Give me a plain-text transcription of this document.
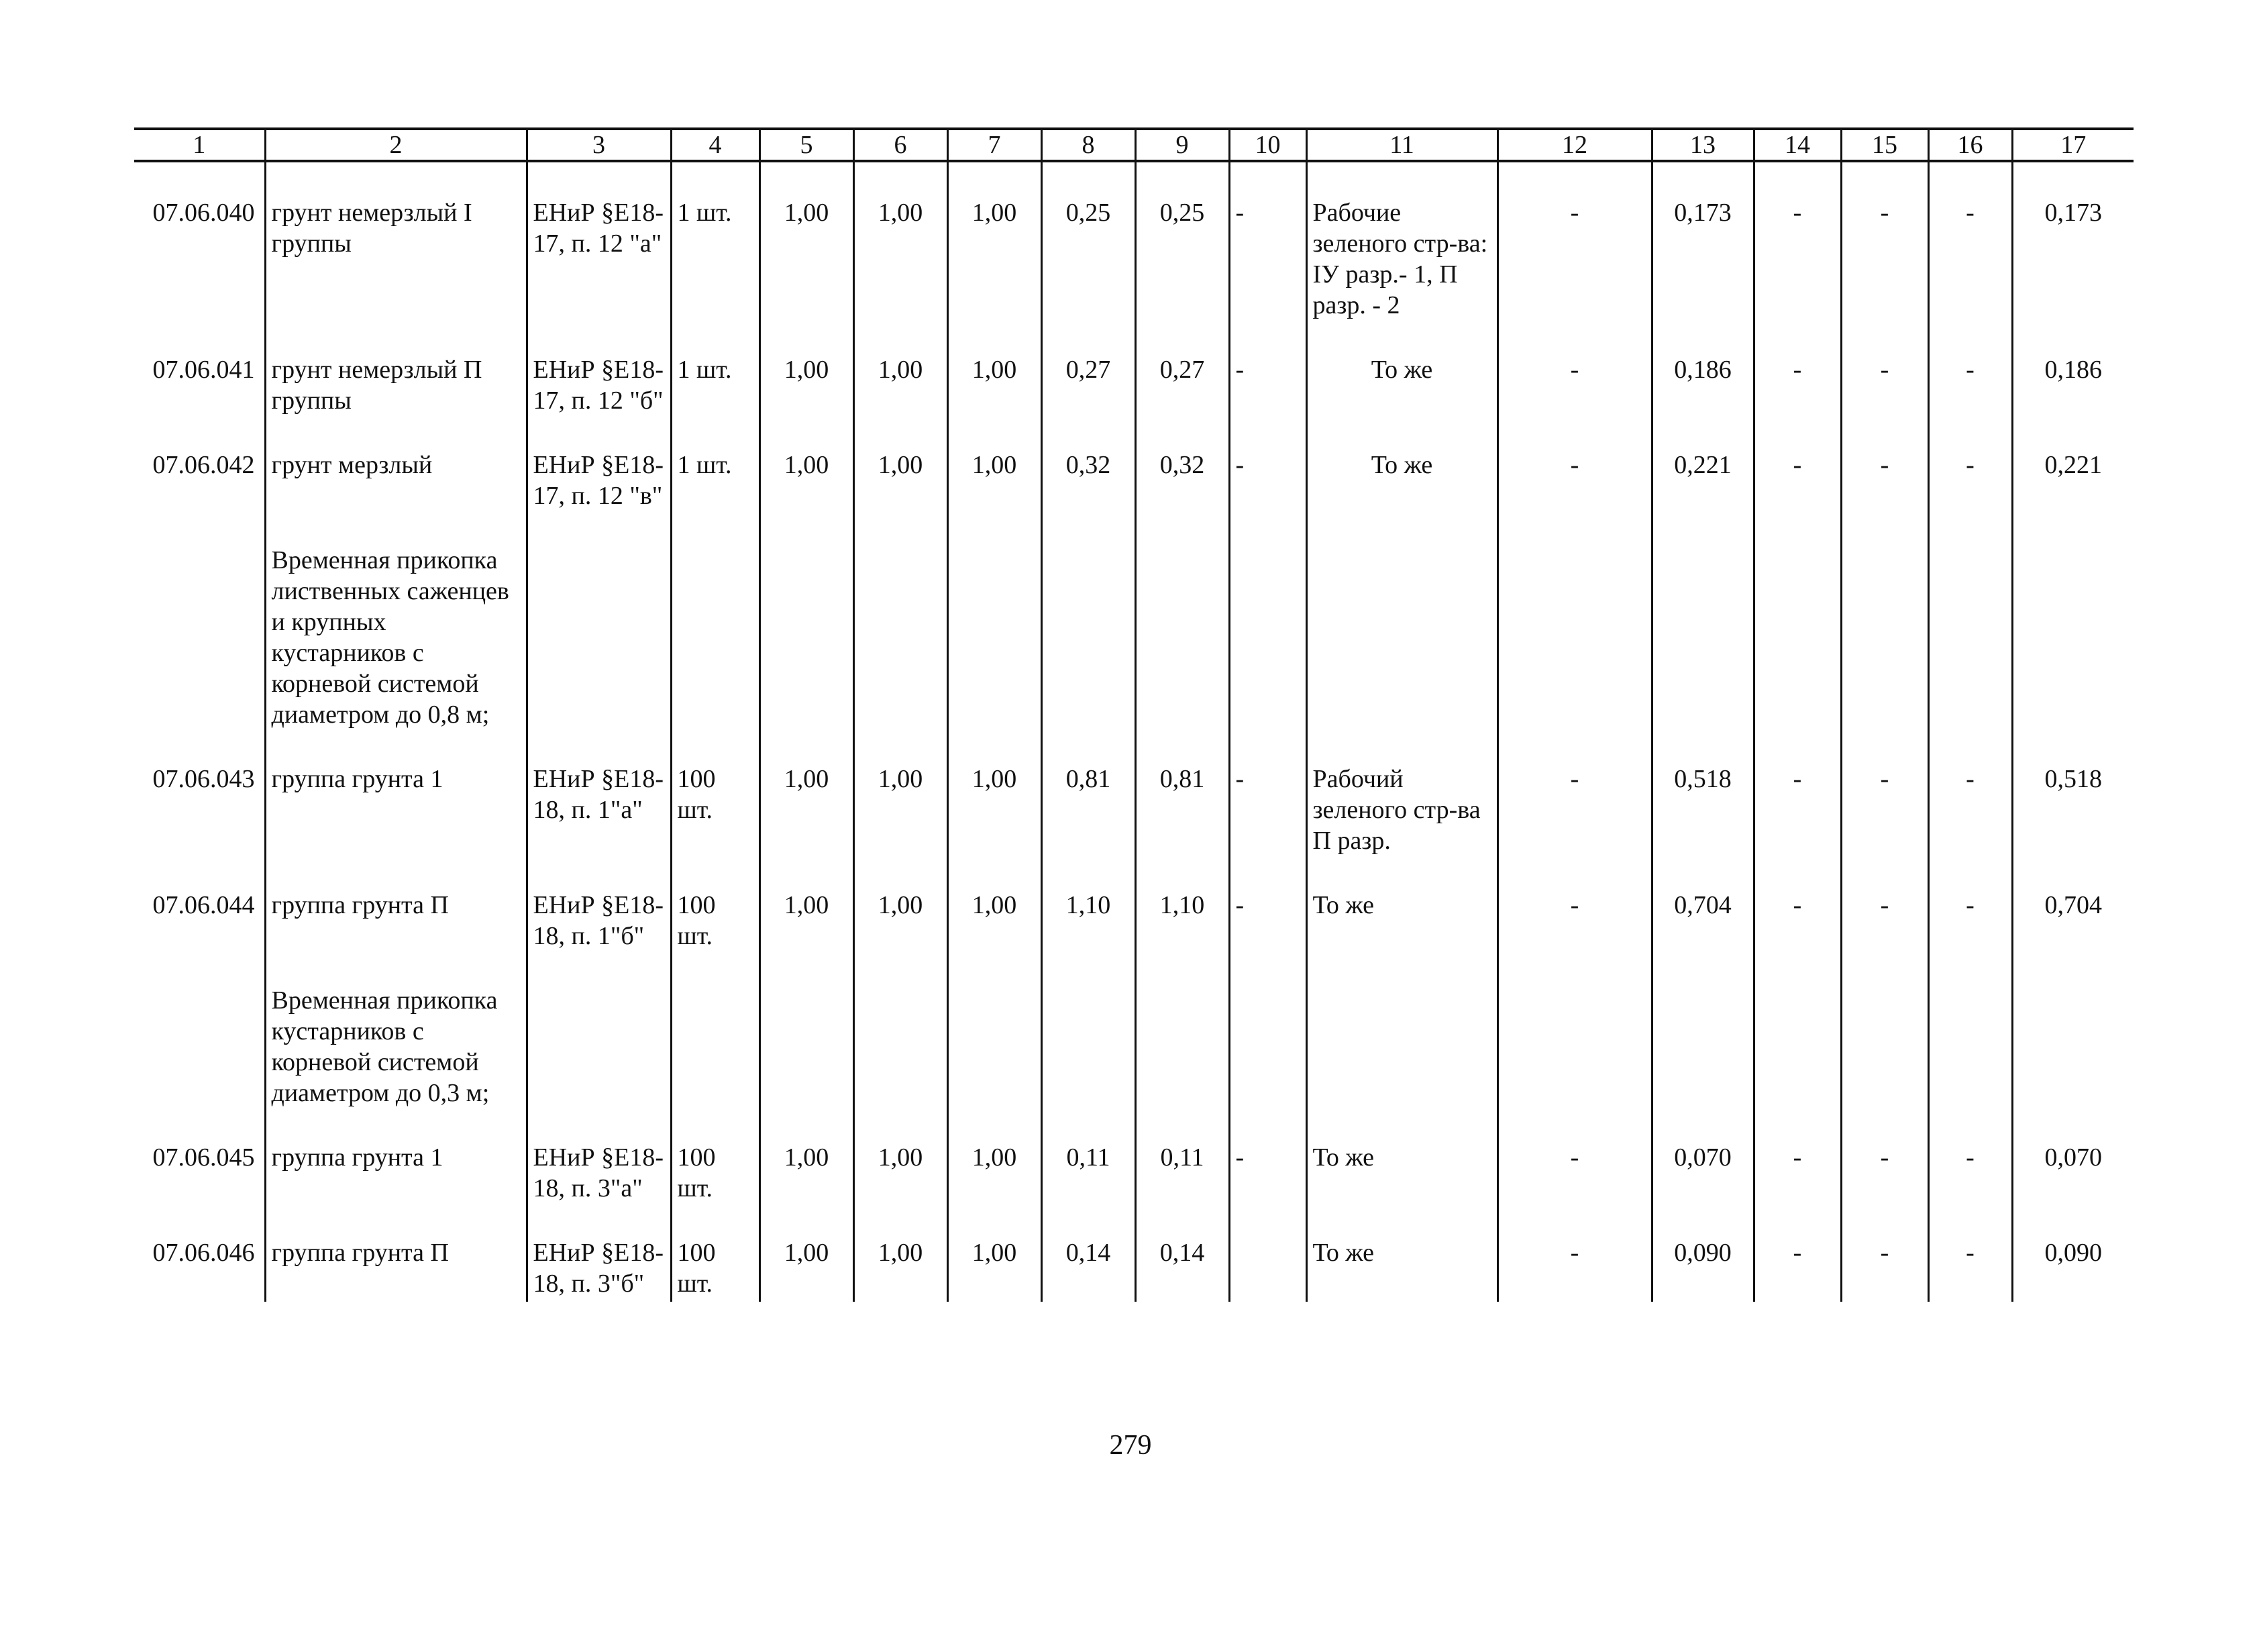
1	2	3	4	5	6	7	8	9	10	11	12	13	14	15	16	17
07.06.040	грунт немерзлый I группы	ЕНиР §Е18-17, п. 12 "а"	1 шт.	1,00	1,00	1,00	0,25	0,25	-	Рабочие зеленого стр-ва: IУ разр.- 1, П разр. - 2	-	0,173	-	-	-	0,173
07.06.041	грунт немерзлый П группы	ЕНиР §Е18-17, п. 12 "б"	1 шт.	1,00	1,00	1,00	0,27	0,27	-	То же	-	0,186	-	-	-	0,186
07.06.042	грунт мерзлый	ЕНиР §Е18-17, п. 12 "в"	1 шт.	1,00	1,00	1,00	0,32	0,32	-	То же	-	0,221	-	-	-	0,221
	Временная прикопка лиственных саженцев и крупных кустарников с корневой системой диаметром до 0,8 м;															
07.06.043	группа грунта 1	ЕНиР §Е18-18, п. 1"а"	100 шт.	1,00	1,00	1,00	0,81	0,81	-	Рабочий зеленого стр-ва П разр.	-	0,518	-	-	-	0,518
07.06.044	группа грунта П	ЕНиР §Е18-18, п. 1"б"	100 шт.	1,00	1,00	1,00	1,10	1,10	-	То же	-	0,704	-	-	-	0,704
	Временная прикопка кустарников с корневой системой диаметром до 0,3 м;															
07.06.045	группа грунта 1	ЕНиР §Е18-18, п. 3"а"	100 шт.	1,00	1,00	1,00	0,11	0,11	-	То же	-	0,070	-	-	-	0,070
07.06.046	группа грунта П	ЕНиР §Е18-18, п. 3"б"	100 шт.	1,00	1,00	1,00	0,14	0,14		То же	-	0,090	-	-	-	0,090
279
